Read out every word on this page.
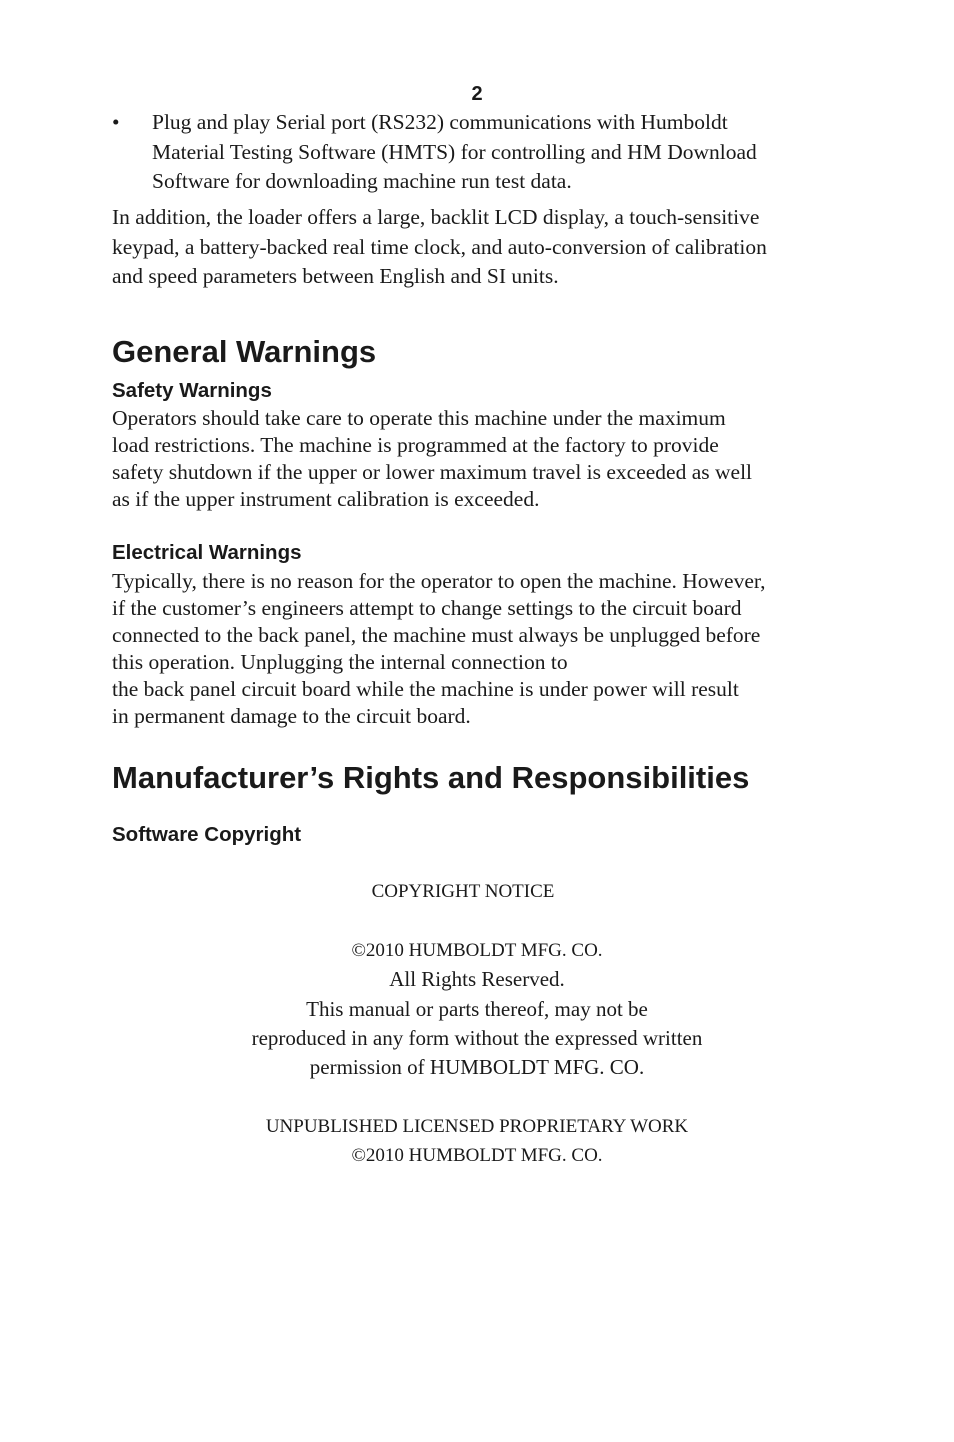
2
• Plug and play Serial port (RS232) communications with Humboldt
Material Testing Software (HMTS) for controlling and HM Download
Software for downloading machine run test data.
In addition, the loader offers a large, backlit LCD display, a touch-sensitive
keypad, a battery-backed real time clock, and auto-conversion of calibration
and speed parameters between English and SI units.
General Warnings
Safety Warnings
Operators should take care to operate this machine under the maximum
load restrictions. The machine is programmed at the factory to provide
safety shutdown if the upper or lower maximum travel is exceeded as well
as if the upper instrument calibration is exceeded.
Electrical Warnings
Typically, there is no reason for the operator to open the machine. However,
if the customer’s engineers attempt to change settings to the circuit board
connected to the back panel, the machine must always be unplugged before
this operation. Unplugging the internal connection to
the back panel circuit board while the machine is under power will result
in permanent damage to the circuit board.
Manufacturer’s Rights and Responsibilities
Software Copyright
COPYRIGHT NOTICE
©2010 HUMBOLDT MFG. CO.
All Rights Reserved.
This manual or parts thereof, may not be
reproduced in any form without the expressed written
permission of HUMBOLDT MFG. CO.
UNPUBLISHED LICENSED PROPRIETARY WORK
©2010 HUMBOLDT MFG. CO.
